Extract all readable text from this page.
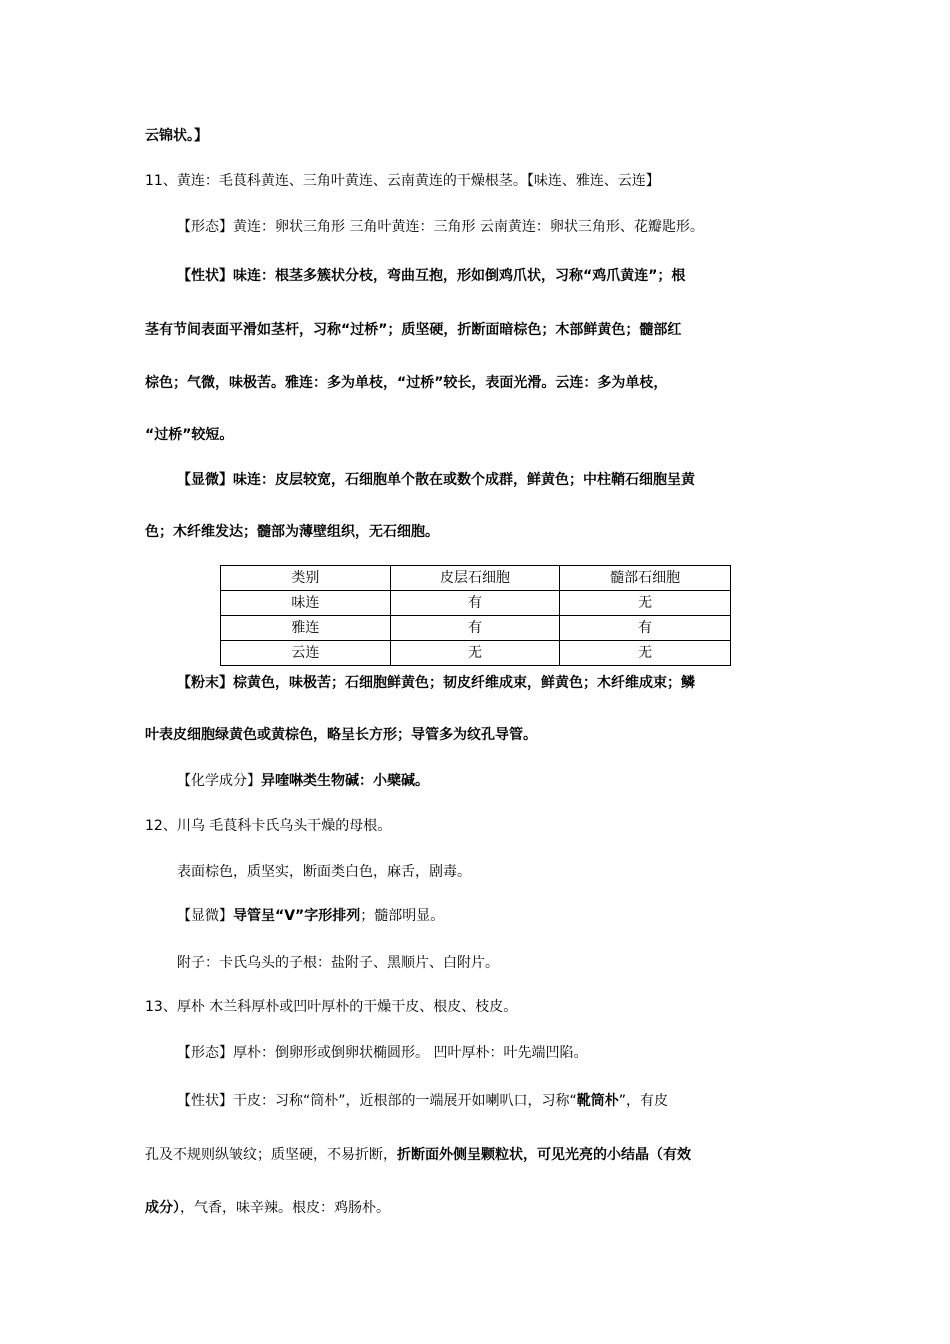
云锦状。】
11、黄连：毛茛科黄连、三角叶黄连、云南黄连的干燥根茎。【味连、雅连、云连】
【形态】黄连：卵状三角形 三角叶黄连：三角形 云南黄连：卵状三角形、花瓣匙形。
【性状】味连：根茎多簇状分枝，弯曲互抱，形如倒鸡爪状，习称“鸡爪黄连”；根
茎有节间表面平滑如茎杆，习称“过桥”；质坚硬，折断面暗棕色；木部鲜黄色；髓部红
棕色；气微，味极苦。雅连：多为单枝，“过桥”较长，表面光滑。云连：多为单枝，
“过桥”较短。
【显微】味连：皮层较宽，石细胞单个散在或数个成群，鲜黄色；中柱鞘石细胞呈黄
色；木纤维发达；髓部为薄壁组织，无石细胞。
类别	皮层石细胞	髓部石细胞
味连	有	无
雅连	有	有
云连	无	无
【粉末】棕黄色，味极苦；石细胞鲜黄色；韧皮纤维成束，鲜黄色；木纤维成束；鳞
叶表皮细胞绿黄色或黄棕色，略呈长方形；导管多为纹孔导管。
【化学成分】异喹啉类生物碱：小檗碱。
12、川乌 毛茛科卡氏乌头干燥的母根。
表面棕色，质坚实，断面类白色，麻舌，剧毒。
【显微】导管呈“V”字形排列；髓部明显。
附子：卡氏乌头的子根：盐附子、黑顺片、白附片。
13、厚朴 木兰科厚朴或凹叶厚朴的干燥干皮、根皮、枝皮。
【形态】厚朴：倒卵形或倒卵状椭圆形。 凹叶厚朴：叶先端凹陷。
【性状】干皮：习称“筒朴”，近根部的一端展开如喇叭口，习称“靴筒朴”，有皮
孔及不规则纵皱纹；质坚硬，不易折断，折断面外侧呈颗粒状，可见光亮的小结晶（有效
成分），气香，味辛辣。根皮：鸡肠朴。
